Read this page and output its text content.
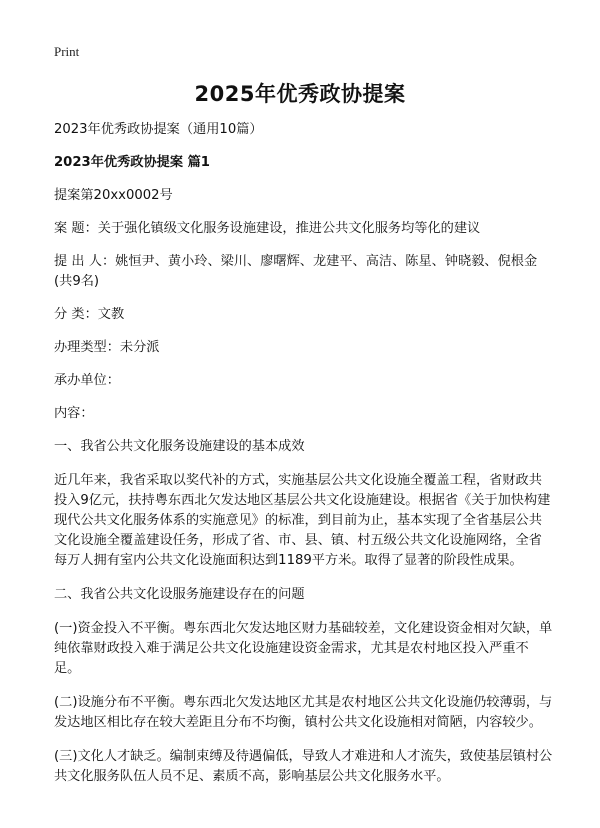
Print
2025年优秀政协提案

2023年优秀政协提案（通用10篇）

2023年优秀政协提案 篇1

提案第20xx0002号

案 题：关于强化镇级文化服务设施建设，推进公共文化服务均等化的建议

提 出 人：姚恒尹、黄小玲、梁川、廖曙辉、龙建平、高洁、陈星、钟晓毅、倪根金(共9名)

分 类：文教

办理类型：未分派

承办单位：

内容：

一、我省公共文化服务设施建设的基本成效

近几年来，我省采取以奖代补的方式，实施基层公共文化设施全覆盖工程，省财政共投入9亿元，扶持粤东西北欠发达地区基层公共文化设施建设。根据省《关于加快构建现代公共文化服务体系的实施意见》的标准，到目前为止，基本实现了全省基层公共文化设施全覆盖建设任务，形成了省、市、县、镇、村五级公共文化设施网络，全省每万人拥有室内公共文化设施面积达到1189平方米。取得了显著的阶段性成果。

二、我省公共文化设服务施建设存在的问题

(一)资金投入不平衡。粤东西北欠发达地区财力基础较差，文化建设资金相对欠缺，单纯依靠财政投入难于满足公共文化设施建设资金需求，尤其是农村地区投入严重不足。

(二)设施分布不平衡。粤东西北欠发达地区尤其是农村地区公共文化设施仍较薄弱，与发达地区相比存在较大差距且分布不均衡，镇村公共文化设施相对简陋，内容较少。

(三)文化人才缺乏。编制束缚及待遇偏低，导致人才难进和人才流失，致使基层镇村公共文化服务队伍人员不足、素质不高，影响基层公共文化服务水平。
